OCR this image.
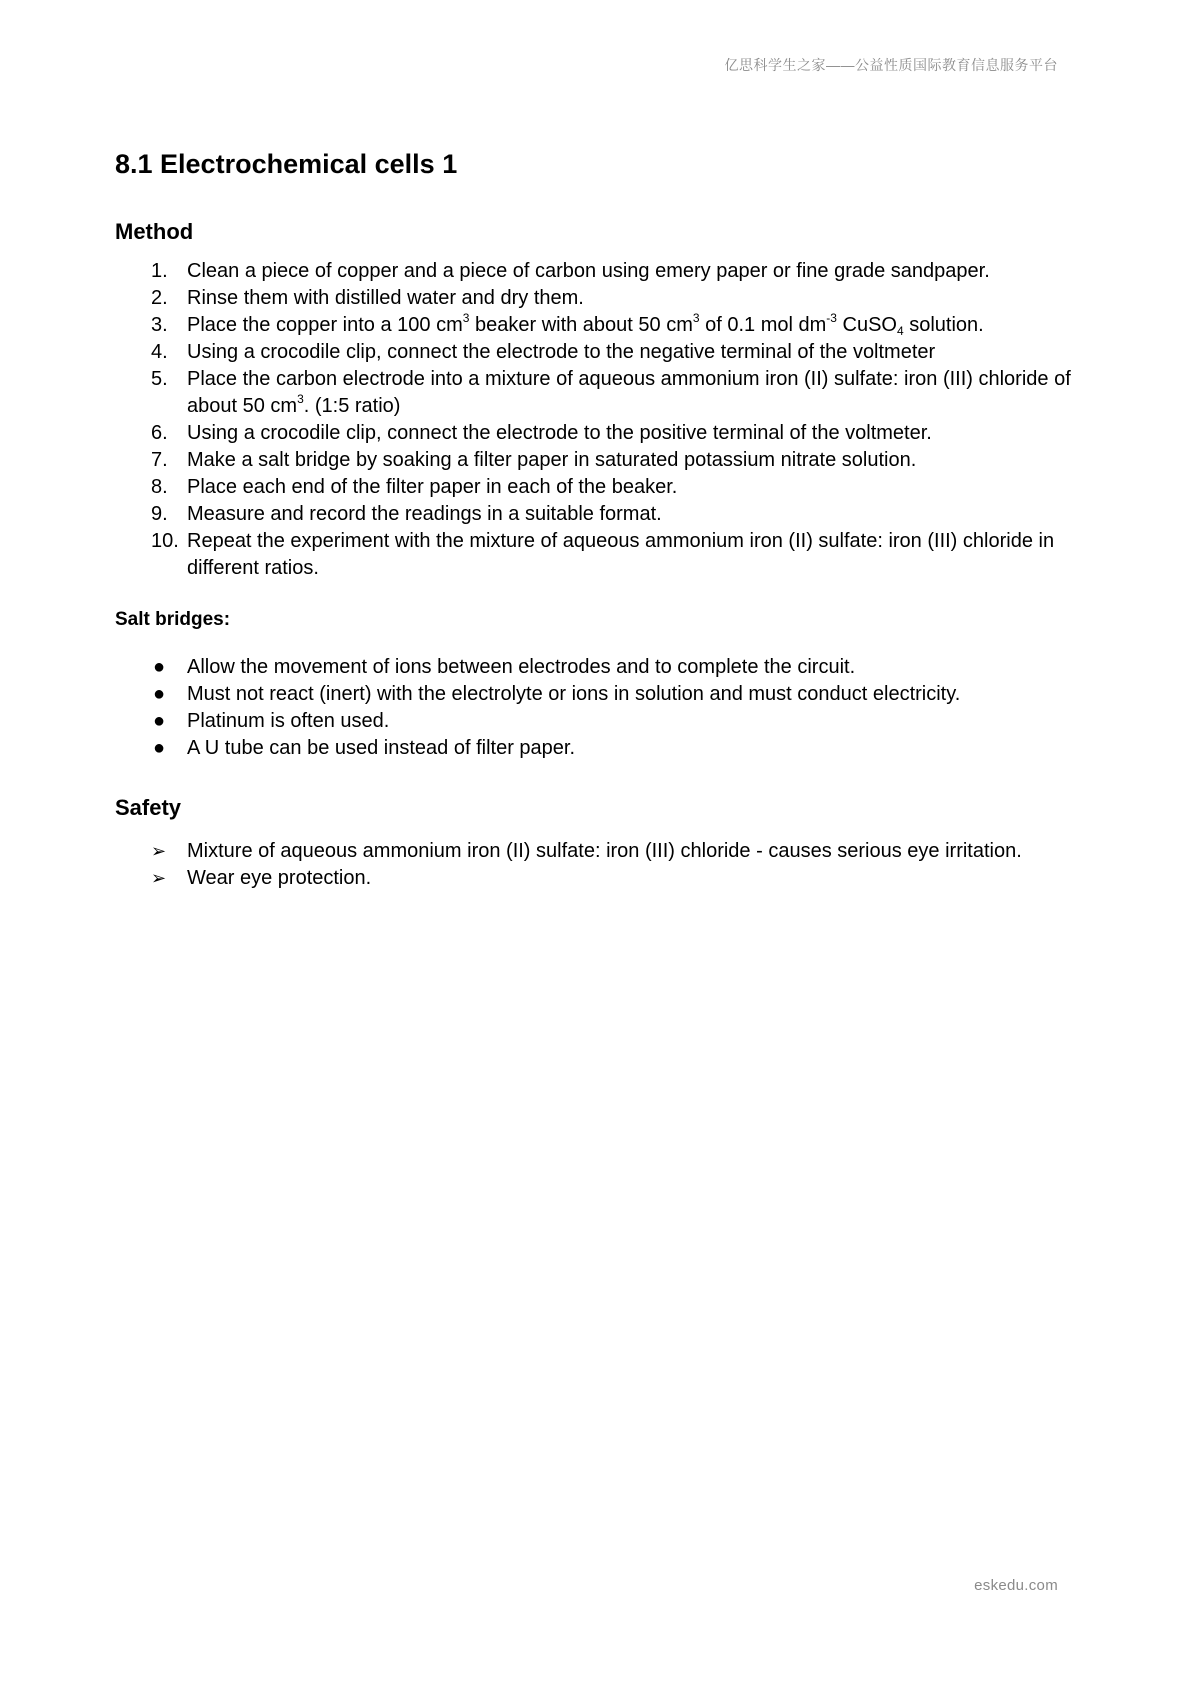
亿思科学生之家——公益性质国际教育信息服务平台
8.1 Electrochemical cells 1
Method
1. Clean a piece of copper and a piece of carbon using emery paper or fine grade sandpaper.
2. Rinse them with distilled water and dry them.
3. Place the copper into a 100 $cm^3$ beaker with about 50 $cm^3$ of 0.1 mol $dm^{-3}$ CuSO$_4$ solution.
4. Using a crocodile clip, connect the electrode to the negative terminal of the voltmeter
5. Place the carbon electrode into a mixture of aqueous ammonium iron (II) sulfate: iron (III) chloride of about 50 $cm^3$. (1:5 ratio)
6. Using a crocodile clip, connect the electrode to the positive terminal of the voltmeter.
7. Make a salt bridge by soaking a filter paper in saturated potassium nitrate solution.
8. Place each end of the filter paper in each of the beaker.
9. Measure and record the readings in a suitable format.
10. Repeat the experiment with the mixture of aqueous ammonium iron (II) sulfate: iron (III) chloride in different ratios.
Salt bridges:
● Allow the movement of ions between electrodes and to complete the circuit.
● Must not react (inert) with the electrolyte or ions in solution and must conduct electricity.
● Platinum is often used.
● A U tube can be used instead of filter paper.
Safety
➢ Mixture of aqueous ammonium iron (II) sulfate: iron (III) chloride - causes serious eye irritation.
➢ Wear eye protection.
eskedu.com
